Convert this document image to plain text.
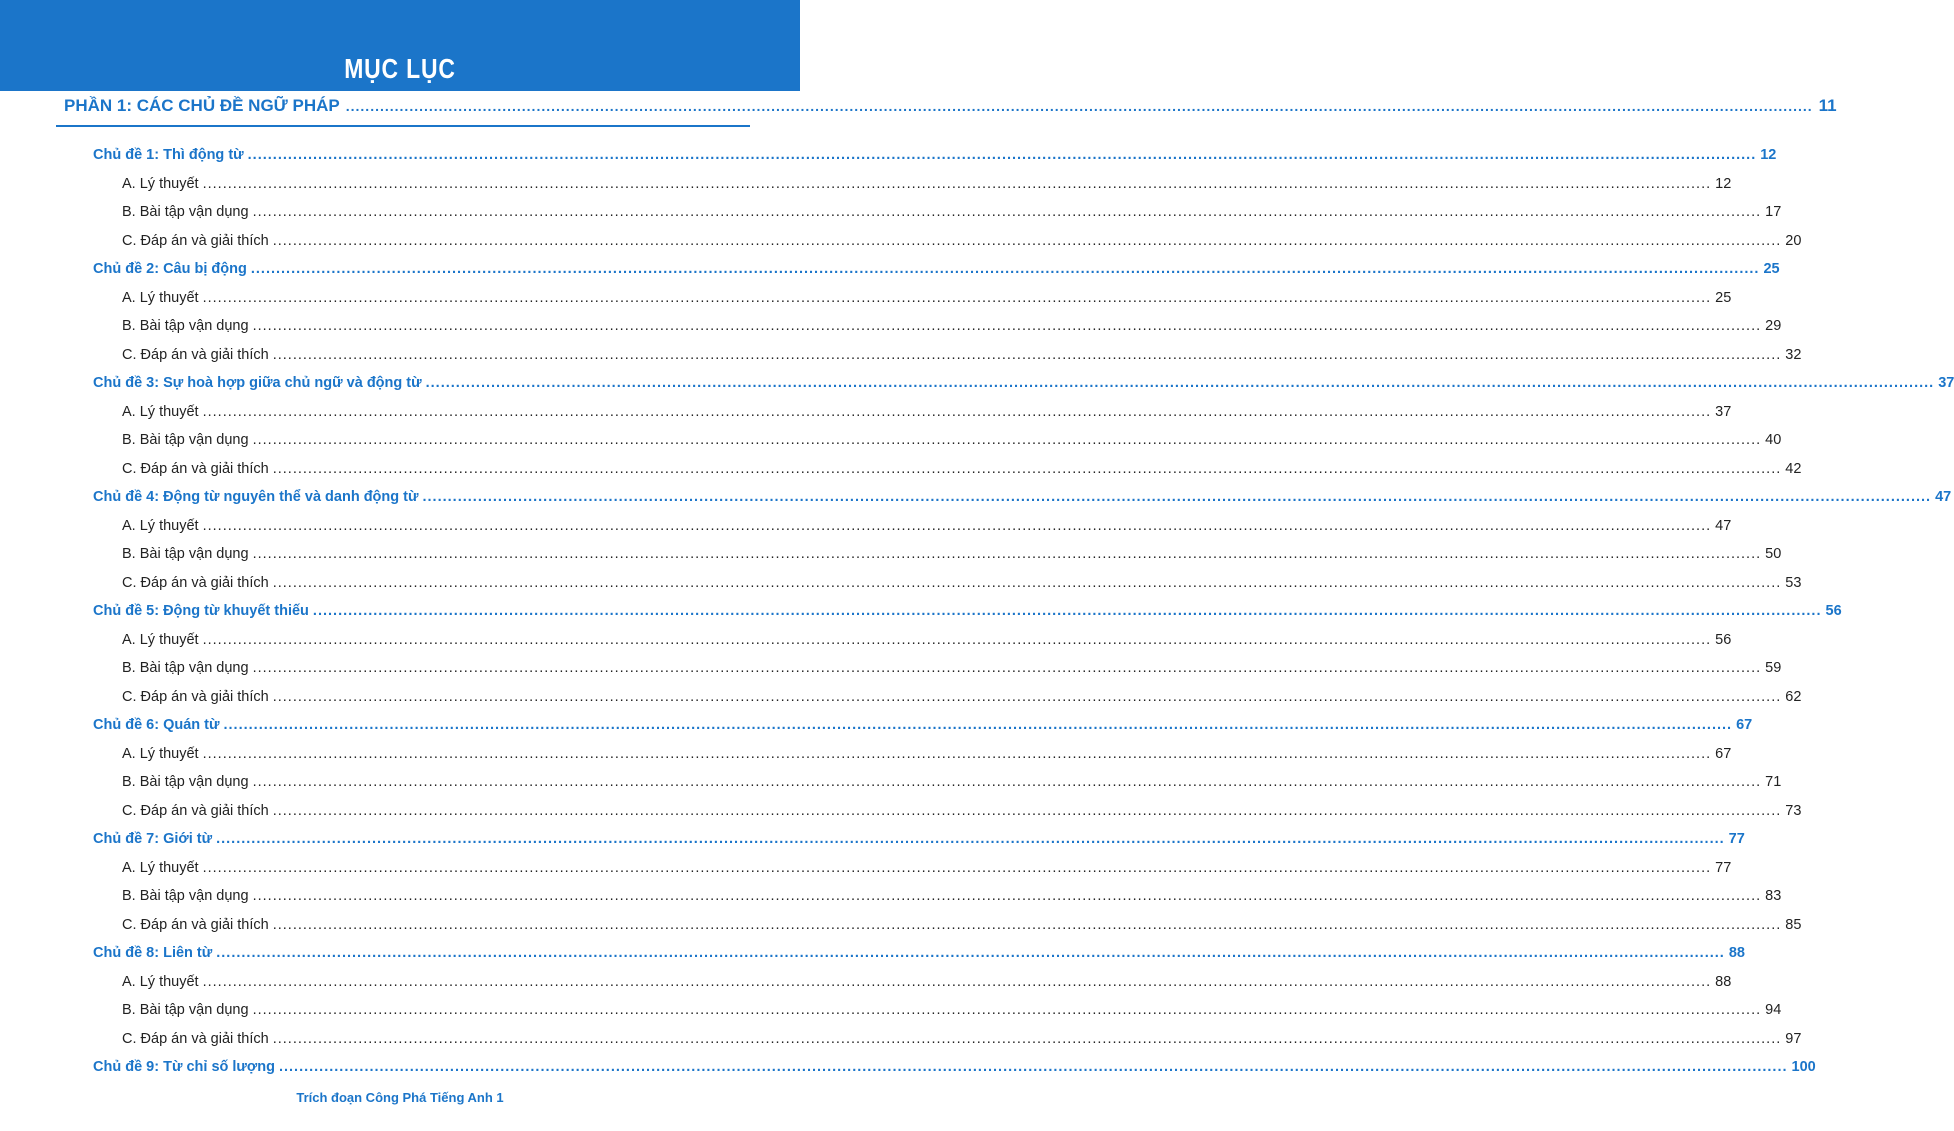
MỤC LỤC
PHẦN 1: CÁC CHỦ ĐỀ NGỮ PHÁP ............................................................................................................................................................................................................................................................................................................ 11
Chủ đề 1: Thì động từ ............................................................................................................................................................................................................................................................................................................ 12
A. Lý thuyết ............................................................................................................................................................................................................................................................................................................ 12
B. Bài tập vận dụng ............................................................................................................................................................................................................................................................................................................ 17
C. Đáp án và giải thích ............................................................................................................................................................................................................................................................................................................ 20
Chủ đề 2: Câu bị động ............................................................................................................................................................................................................................................................................................................ 25
A. Lý thuyết ............................................................................................................................................................................................................................................................................................................ 25
B. Bài tập vận dụng ............................................................................................................................................................................................................................................................................................................ 29
C. Đáp án và giải thích ............................................................................................................................................................................................................................................................................................................ 32
Chủ đề 3: Sự hoà hợp giữa chủ ngữ và động từ ............................................................................................................................................................................................................................................................................................................ 37
A. Lý thuyết ............................................................................................................................................................................................................................................................................................................ 37
B. Bài tập vận dụng ............................................................................................................................................................................................................................................................................................................ 40
C. Đáp án và giải thích ............................................................................................................................................................................................................................................................................................................ 42
Chủ đề 4: Động từ nguyên thể và danh động từ ............................................................................................................................................................................................................................................................................................................ 47
A. Lý thuyết ............................................................................................................................................................................................................................................................................................................ 47
B. Bài tập vận dụng ............................................................................................................................................................................................................................................................................................................ 50
C. Đáp án và giải thích ............................................................................................................................................................................................................................................................................................................ 53
Chủ đề 5: Động từ khuyết thiếu ............................................................................................................................................................................................................................................................................................................ 56
A. Lý thuyết ............................................................................................................................................................................................................................................................................................................ 56
B. Bài tập vận dụng ............................................................................................................................................................................................................................................................................................................ 59
C. Đáp án và giải thích ............................................................................................................................................................................................................................................................................................................ 62
Chủ đề 6: Quán từ ............................................................................................................................................................................................................................................................................................................ 67
A. Lý thuyết ............................................................................................................................................................................................................................................................................................................ 67
B. Bài tập vận dụng ............................................................................................................................................................................................................................................................................................................ 71
C. Đáp án và giải thích ............................................................................................................................................................................................................................................................................................................ 73
Chủ đề 7: Giới từ ............................................................................................................................................................................................................................................................................................................ 77
A. Lý thuyết ............................................................................................................................................................................................................................................................................................................ 77
B. Bài tập vận dụng ............................................................................................................................................................................................................................................................................................................ 83
C. Đáp án và giải thích ............................................................................................................................................................................................................................................................................................................ 85
Chủ đề 8: Liên từ ............................................................................................................................................................................................................................................................................................................ 88
A. Lý thuyết ............................................................................................................................................................................................................................................................................................................ 88
B. Bài tập vận dụng ............................................................................................................................................................................................................................................................................................................ 94
C. Đáp án và giải thích ............................................................................................................................................................................................................................................................................................................ 97
Chủ đề 9: Từ chỉ số lượng ............................................................................................................................................................................................................................................................................................................ 100
Trích đoạn Công Phá Tiếng Anh 1
